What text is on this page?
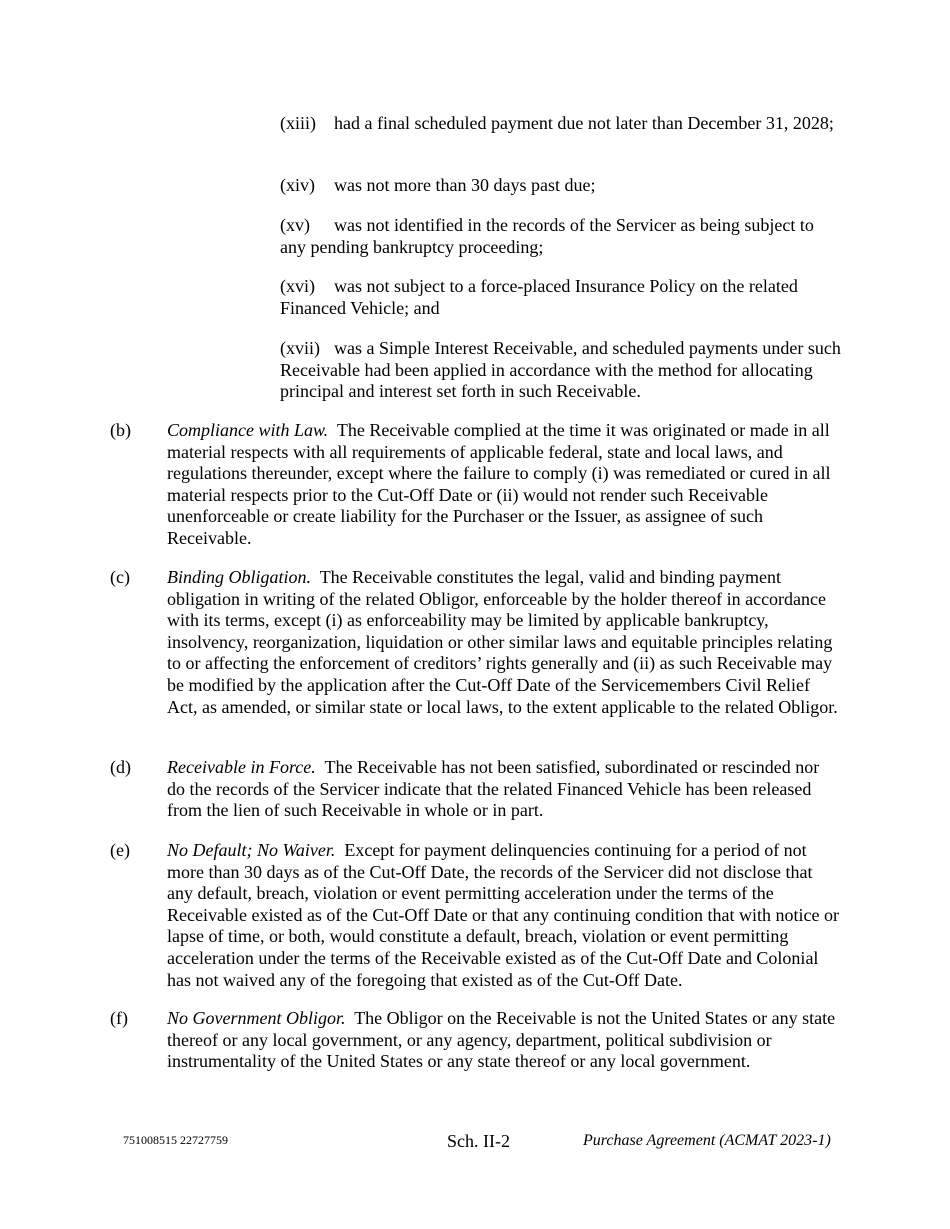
(xiii) had a final scheduled payment due not later than December 31, 2028;
(xiv) was not more than 30 days past due;
(xv) was not identified in the records of the Servicer as being subject to any pending bankruptcy proceeding;
(xvi) was not subject to a force-placed Insurance Policy on the related Financed Vehicle; and
(xvii) was a Simple Interest Receivable, and scheduled payments under such Receivable had been applied in accordance with the method for allocating principal and interest set forth in such Receivable.
(b) Compliance with Law. The Receivable complied at the time it was originated or made in all material respects with all requirements of applicable federal, state and local laws, and regulations thereunder, except where the failure to comply (i) was remediated or cured in all material respects prior to the Cut-Off Date or (ii) would not render such Receivable unenforceable or create liability for the Purchaser or the Issuer, as assignee of such Receivable.
(c) Binding Obligation. The Receivable constitutes the legal, valid and binding payment obligation in writing of the related Obligor, enforceable by the holder thereof in accordance with its terms, except (i) as enforceability may be limited by applicable bankruptcy, insolvency, reorganization, liquidation or other similar laws and equitable principles relating to or affecting the enforcement of creditors’ rights generally and (ii) as such Receivable may be modified by the application after the Cut-Off Date of the Servicemembers Civil Relief Act, as amended, or similar state or local laws, to the extent applicable to the related Obligor.
(d) Receivable in Force. The Receivable has not been satisfied, subordinated or rescinded nor do the records of the Servicer indicate that the related Financed Vehicle has been released from the lien of such Receivable in whole or in part.
(e) No Default; No Waiver. Except for payment delinquencies continuing for a period of not more than 30 days as of the Cut-Off Date, the records of the Servicer did not disclose that any default, breach, violation or event permitting acceleration under the terms of the Receivable existed as of the Cut-Off Date or that any continuing condition that with notice or lapse of time, or both, would constitute a default, breach, violation or event permitting acceleration under the terms of the Receivable existed as of the Cut-Off Date and Colonial has not waived any of the foregoing that existed as of the Cut-Off Date.
(f) No Government Obligor. The Obligor on the Receivable is not the United States or any state thereof or any local government, or any agency, department, political subdivision or instrumentality of the United States or any state thereof or any local government.
751008515 22727759	Sch. II-2	Purchase Agreement (ACMAT 2023-1)
